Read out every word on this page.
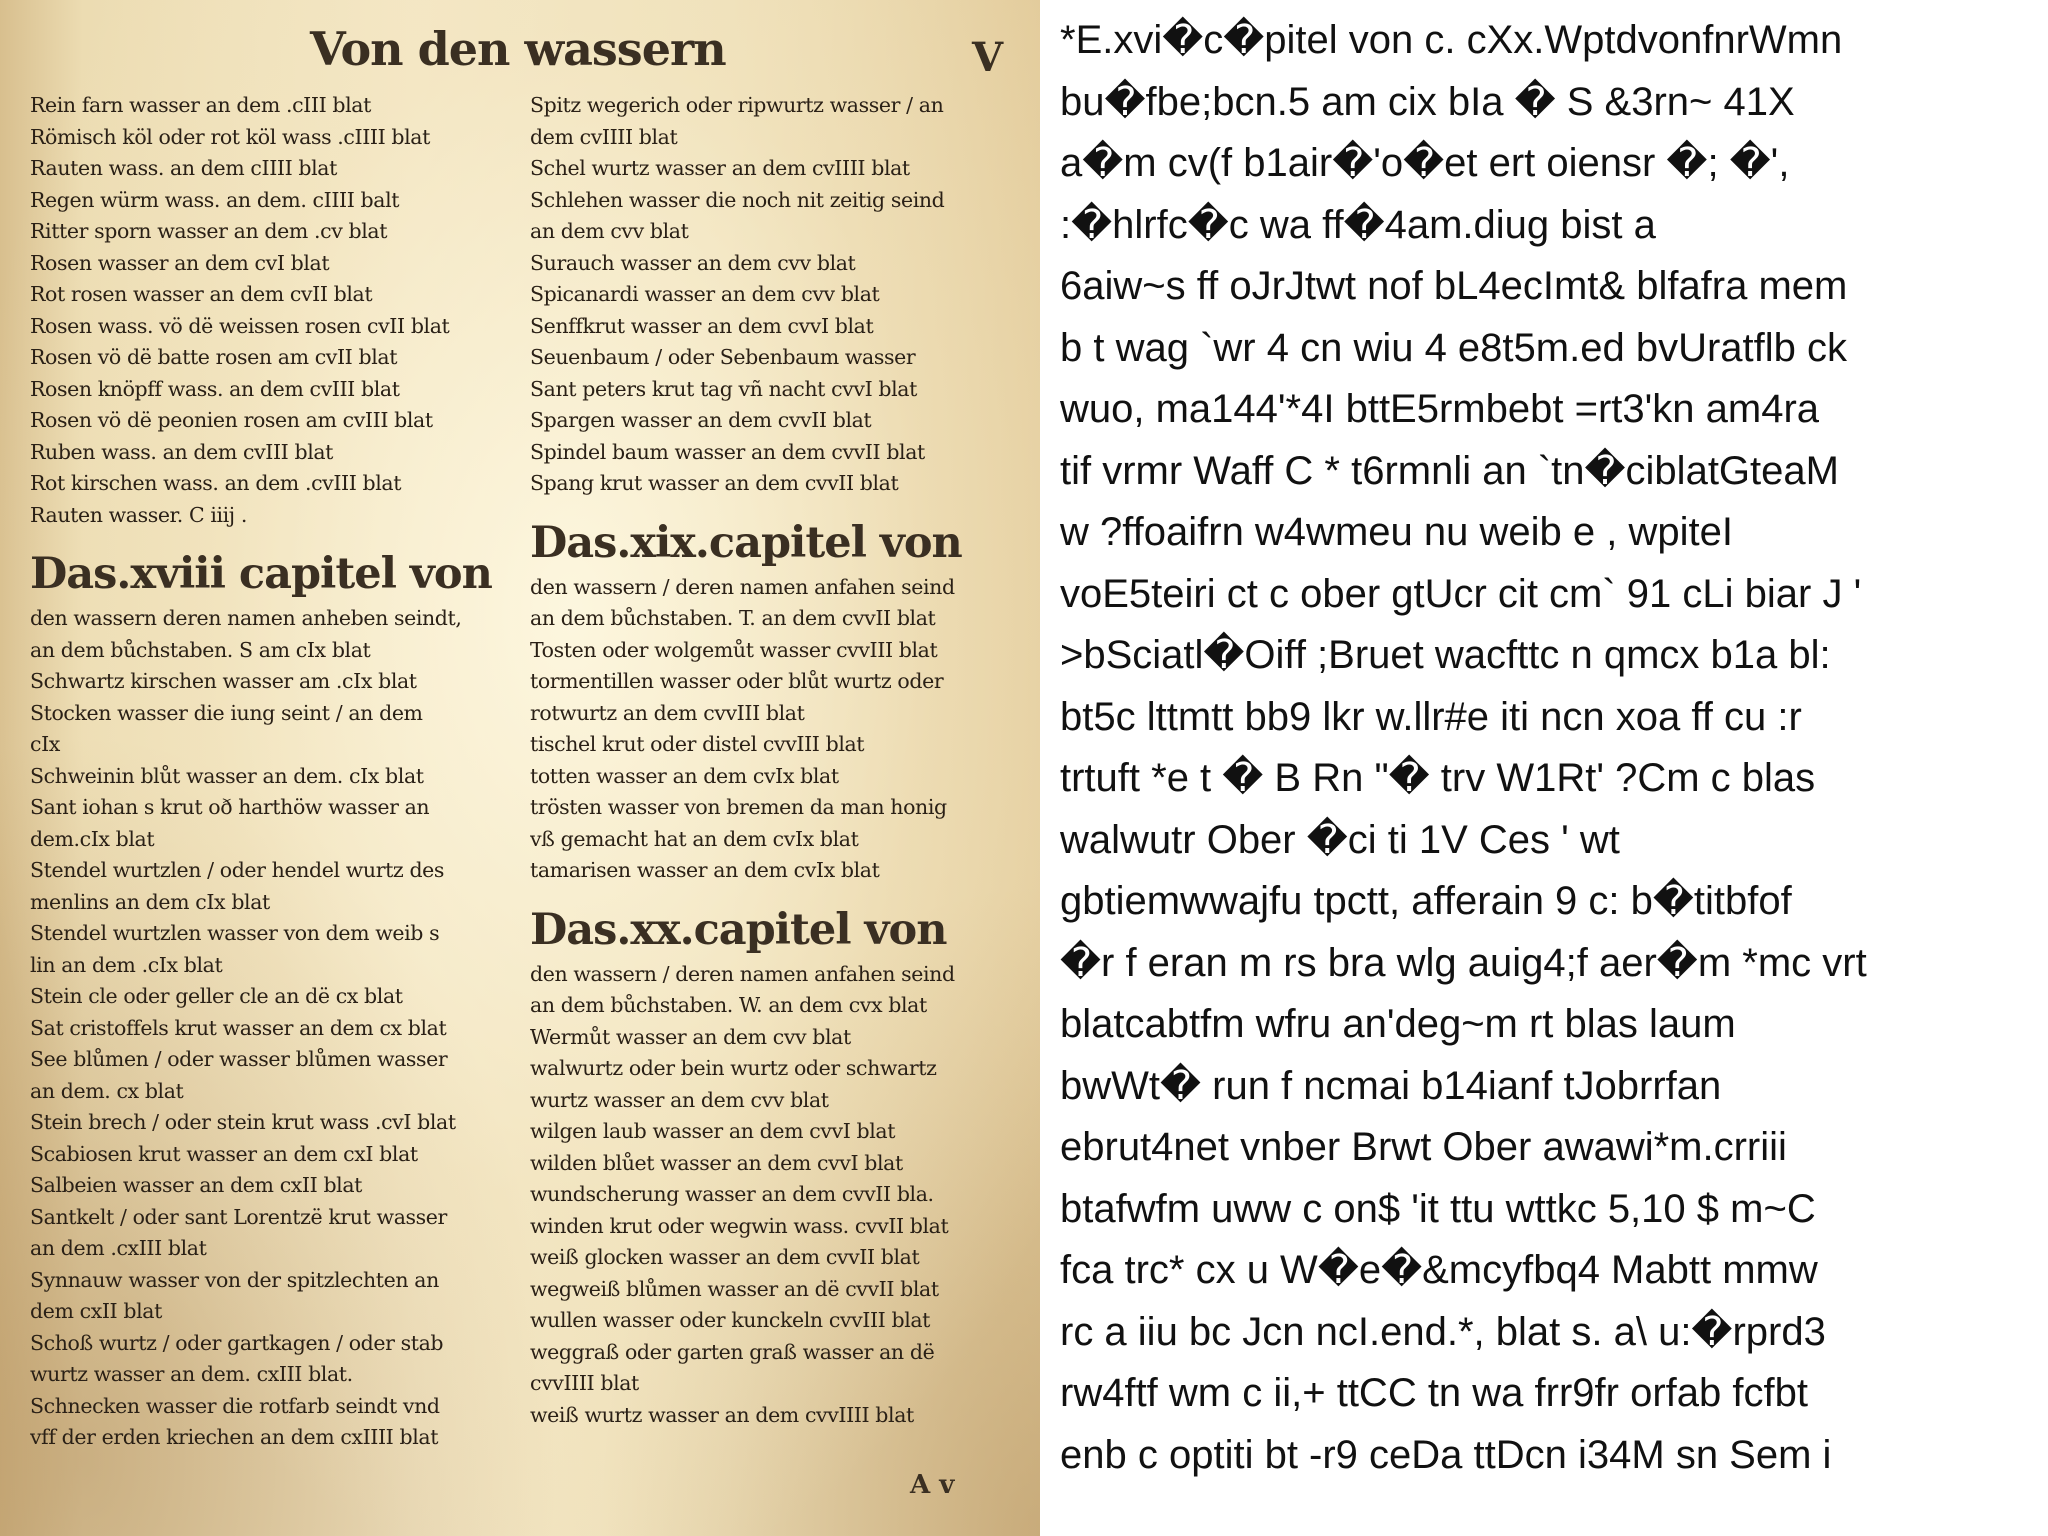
Von den wassern	V
Rein farn wasser an dem .cIII blat
Römisch köl oder rot köl wass .cIIII blat
Rauten wass. an dem cIIII blat
Regen würm wass. an dem. cIIII balt
Ritter sporn wasser an dem .cv blat
Rosen wasser an dem cvI blat
Rot rosen wasser an dem cvII blat
Rosen wass. vö dë weissen rosen cvII blat
Rosen vö dë batte rosen am cvII blat
Rosen knöpff wass. an dem cvIII blat
Rosen vö dë peonien rosen am cvIII blat
Ruben wass. an dem cvIII blat
Rot kirschen wass. an dem .cvIII blat
Rauten wasser. C iiij .
Das.xviii capitel von
den wassern deren namen anheben seindt,
an dem bůchstaben. S am cIx blat
Schwartz kirschen wasser am .cIx blat
Stocken wasser die iung seint / an dem
cIx
Schweinin blůt wasser an dem. cIx blat
Sant iohan s krut oð harthöw wasser an
dem.cIx blat
Stendel wurtzlen / oder hendel wurtz des
menlins an dem cIx blat
Stendel wurtzlen wasser von dem weib s
lin an dem .cIx blat
Stein cle oder geller cle an dë cx blat
Sat cristoffels krut wasser an dem cx blat
See blůmen / oder wasser blůmen wasser
an dem. cx blat
Stein brech / oder stein krut wass .cvI blat
Scabiosen krut wasser an dem cxI blat
Salbeien wasser an dem cxII blat
Santkelt / oder sant Lorentzë krut wasser
an dem .cxIII blat
Synnauw wasser von der spitzlechten an
dem cxII blat
Schoß wurtz / oder gartkagen / oder stab
wurtz wasser an dem. cxIII blat.
Schnecken wasser die rotfarb seindt vnd
vff der erden kriechen an dem cxIIII blat
Spitz wegerich oder ripwurtz wasser / an
dem cvIIII blat
Schel wurtz wasser an dem cvIIII blat
Schlehen wasser die noch nit zeitig seind
an dem cvv blat
Surauch wasser an dem cvv blat
Spicanardi wasser an dem cvv blat
Senffkrut wasser an dem cvvI blat
Seuenbaum / oder Sebenbaum wasser
Sant peters krut tag vñ nacht cvvI blat
Spargen wasser an dem cvvII blat
Spindel baum wasser an dem cvvII blat
Spang krut wasser an dem cvvII blat
Das.xix.capitel von
den wassern / deren namen anfahen seind
an dem bůchstaben. T. an dem cvvII blat
Tosten oder wolgemůt wasser cvvIII blat
tormentillen wasser oder blůt wurtz oder
rotwurtz an dem cvvIII blat
tischel krut oder distel cvvIII blat
totten wasser an dem cvIx blat
trösten wasser von bremen da man honig
vß gemacht hat an dem cvIx blat
tamarisen wasser an dem cvIx blat
Das.xx.capitel von
den wassern / deren namen anfahen seind
an dem bůchstaben. W. an dem cvx blat
Wermůt wasser an dem cvv blat
walwurtz oder bein wurtz oder schwartz
wurtz wasser an dem cvv blat
wilgen laub wasser an dem cvvI blat
wilden blůet wasser an dem cvvI blat
wundscherung wasser an dem cvvII bla.
winden krut oder wegwin wass. cvvII blat
weiß glocken wasser an dem cvvII blat
wegweiß blůmen wasser an dë cvvII blat
wullen wasser oder kunckeln cvvIII blat
weggraß oder garten graß wasser an dë
cvvIIII blat
weiß wurtz wasser an dem cvvIIII blat
A v
*E.xvi�c�pitel von c. cXx.WptdvonfnrWmn
bu�fbe;bcn.5 am cix bIa � S &3rn~ 41X
a�m cv(f b1air�'o�et ert oiensr �; �',
:�hlrfc�c wa ff�4am.diug bist a
6aiw~s ff oJrJtwt nof bL4ecImt& blfafra mem
b t wag `wr 4 cn wiu 4 e8t5m.ed bvUratflb ck
wuo, ma144'*4I bttE5rmbebt =rt3'kn am4ra
tif vrmr Waff C * t6rmnli an `tn�ciblatGteaM
w ?ffoaifrn w4wmeu nu weib e , wpiteI
voE5teiri ct c ober gtUcr cit cm` 91 cLi biar J '
>bSciatl�Oiff ;Bruet wacfttc n qmcx b1a bl:
bt5c lttmtt bb9 lkr w.llr#e iti ncn xoa ff cu :r
trtuft *e t � B Rn "� trv W1Rt' ?Cm c blas
walwutr Ober �ci ti 1V Ces ' wt
gbtiemwwajfu tpctt, afferain 9 c: b�titbfof
�r f eran m rs bra wlg auig4;f aer�m *mc vrt
blatcabtfm wfru an'deg~m rt blas laum
bwWt� run f ncmai b14ianf tJobrrfan
ebrut4net vnber Brwt Ober awawi*m.crriii
btafwfm uww c on$ 'it ttu wttkc 5,10 $ m~C
fca trc* cx u W�e�&mcyfbq4 Mabtt mmw
rc a iiu bc Jcn ncI.end.*, blat s. a\ u:�rprd3
rw4ftf wm c ii,+ ttCC tn wa frr9fr orfab fcfbt
enb c optiti bt -r9 ceDa ttDcn i34M sn Sem i
